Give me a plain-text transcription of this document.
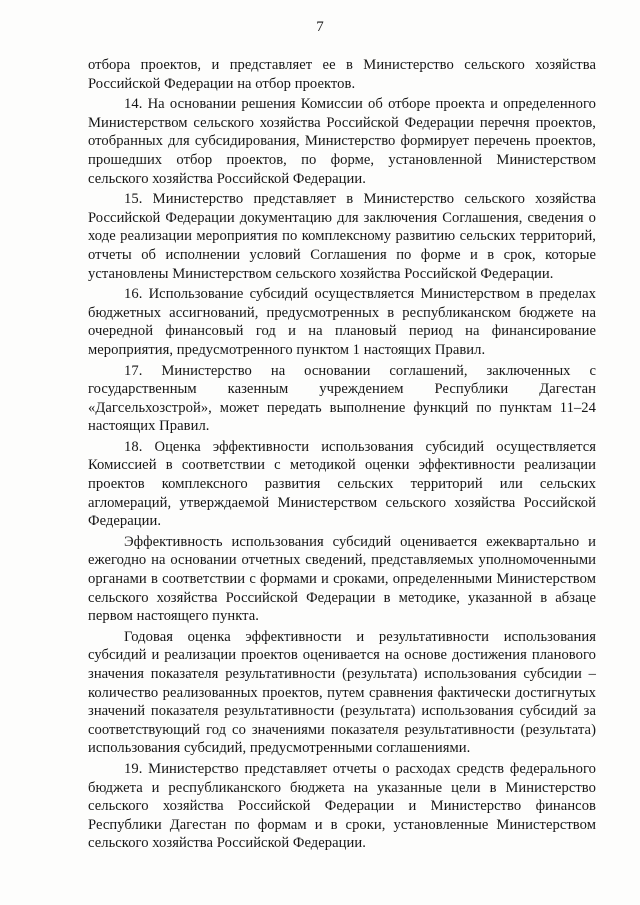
7

отбора проектов, и представляет ее в Министерство сельского хозяйства Российской Федерации на отбор проектов.

14. На основании решения Комиссии об отборе проекта и определенного Министерством сельского хозяйства Российской Федерации перечня проектов, отобранных для субсидирования, Министерство формирует перечень проектов, прошедших отбор проектов, по форме, установленной Министерством сельского хозяйства Российской Федерации.

15. Министерство представляет в Министерство сельского хозяйства Российской Федерации документацию для заключения Соглашения, сведения о ходе реализации мероприятия по комплексному развитию сельских территорий, отчеты об исполнении условий Соглашения по форме и в срок, которые установлены Министерством сельского хозяйства Российской Федерации.

16. Использование субсидий осуществляется Министерством в пределах бюджетных ассигнований, предусмотренных в республиканском бюджете на очередной финансовый год и на плановый период на финансирование мероприятия, предусмотренного пунктом 1 настоящих Правил.

17. Министерство на основании соглашений, заключенных с государственным казенным учреждением Республики Дагестан «Дагсельхозстрой», может передать выполнение функций по пунктам 11–24 настоящих Правил.

18. Оценка эффективности использования субсидий осуществляется Комиссией в соответствии с методикой оценки эффективности реализации проектов комплексного развития сельских территорий или сельских агломераций, утверждаемой Министерством сельского хозяйства Российской Федерации.

Эффективность использования субсидий оценивается ежеквартально и ежегодно на основании отчетных сведений, представляемых уполномоченными органами в соответствии с формами и сроками, определенными Министерством сельского хозяйства Российской Федерации в методике, указанной в абзаце первом настоящего пункта.

Годовая оценка эффективности и результативности использования субсидий и реализации проектов оценивается на основе достижения планового значения показателя результативности (результата) использования субсидии – количество реализованных проектов, путем сравнения фактически достигнутых значений показателя результативности (результата) использования субсидий за соответствующий год со значениями показателя результативности (результата) использования субсидий, предусмотренными соглашениями.

19. Министерство представляет отчеты о расходах средств федерального бюджета и республиканского бюджета на указанные цели в Министерство сельского хозяйства Российской Федерации и Министерство финансов Республики Дагестан по формам и в сроки, установленные Министерством сельского хозяйства Российской Федерации.
